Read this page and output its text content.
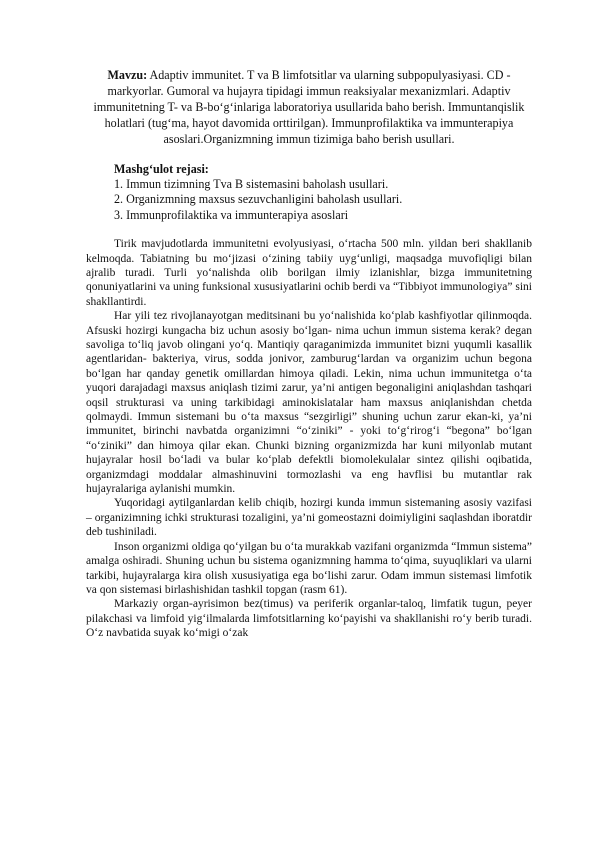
Mavzu: Adaptiv immunitet. T va B limfotsitlar va ularning subpopulyasiyasi. CD -markyorlar. Gumoral va hujayra tipidagi immun reaksiyalar mexanizmlari. Adaptiv immunitetning T- va B-bo‘g‘inlariga laboratoriya usullarida baho berish. Immuntanqislik holatlari (tug‘ma, hayot davomida orttirilgan). Immunprofilaktika va immunterapiya asoslari.Organizmning immun tizimiga baho berish usullari.
Mashg‘ulot rejasi:
1. Immun tizimning Tva B sistemasini baholash usullari.
2. Organizmning maxsus sezuvchanligini baholash usullari.
3. Immunprofilaktika va immunterapiya asoslari

Tirik mavjudotlarda immunitetni evolyusiyasi, o‘rtacha 500 mln. yildan beri shakllanib kelmoqda. Tabiatning bu mo‘jizasi o‘zining tabiiy uyg‘unligi, maqsadga muvofiqligi bilan ajralib turadi. Turli yo‘nalishda olib borilgan ilmiy izlanishlar, bizga immunitetning qonuniyatlarini va uning funksional xususiyatlarini ochib berdi va “Tibbiyot immunologiya” sini shakllantirdi.

Har yili tez rivojlanayotgan meditsinani bu yo‘nalishida ko‘plab kashfiyotlar qilinmoqda. Afsuski hozirgi kungacha biz uchun asosiy bo‘lgan- nima uchun immun sistema kerak? degan savoliga to‘liq javob olingani yo‘q. Mantiqiy qaraganimizda immunitet bizni yuqumli kasallik agentlaridan- bakteriya, virus, sodda jonivor, zamburug‘lardan va organizim uchun begona bo‘lgan har qanday genetik omillardan himoya qiladi. Lekin, nima uchun immunitetga o‘ta yuqori darajadagi maxsus aniqlash tizimi zarur, ya’ni antigen begonaligini aniqlashdan tashqari oqsil strukturasi va uning tarkibidagi aminokislatalar ham maxsus aniqlanishdan chetda qolmaydi. Immun sistemani bu o‘ta maxsus “sezgirligi” shuning uchun zarur ekan-ki, ya’ni immunitet, birinchi navbatda organizimni “o‘ziniki” - yoki to‘g‘rirog‘i “begona” bo‘lgan “o‘ziniki” dan himoya qilar ekan. Chunki bizning organizmizda har kuni milyonlab mutant hujayralar hosil bo‘ladi va bular ko‘plab defektli biomolekulalar sintez qilishi oqibatida, organizmdagi moddalar almashinuvini tormozlashi va eng havflisi bu mutantlar rak hujayralariga aylanishi mumkin.

Yuqoridagi aytilganlardan kelib chiqib, hozirgi kunda immun sistemaning asosiy vazifasi – organizimning ichki strukturasi tozaligini, ya’ni gomeostazni doimiyligini saqlashdan iboratdir deb tushiniladi.

Inson organizmi oldiga qo‘yilgan bu o‘ta murakkab vazifani organizmda “Immun sistema” amalga oshiradi. Shuning uchun bu sistema oganizmning hamma to‘qima, suyuqliklari va ularni tarkibi, hujayralarga kira olish xususiyatiga ega bo‘lishi zarur. Odam immun sistemasi limfotik va qon sistemasi birlashishidan tashkil topgan (rasm 61).

Markaziy organ-ayrisimon bez(timus) va periferik organlar-taloq, limfatik tugun, peyer pilakchasi va limfoid yig‘ilmalarda limfotsitlarning ko‘payishi va shakllanishi ro‘y berib turadi. O‘z navbatida suyak ko‘migi o‘zak
